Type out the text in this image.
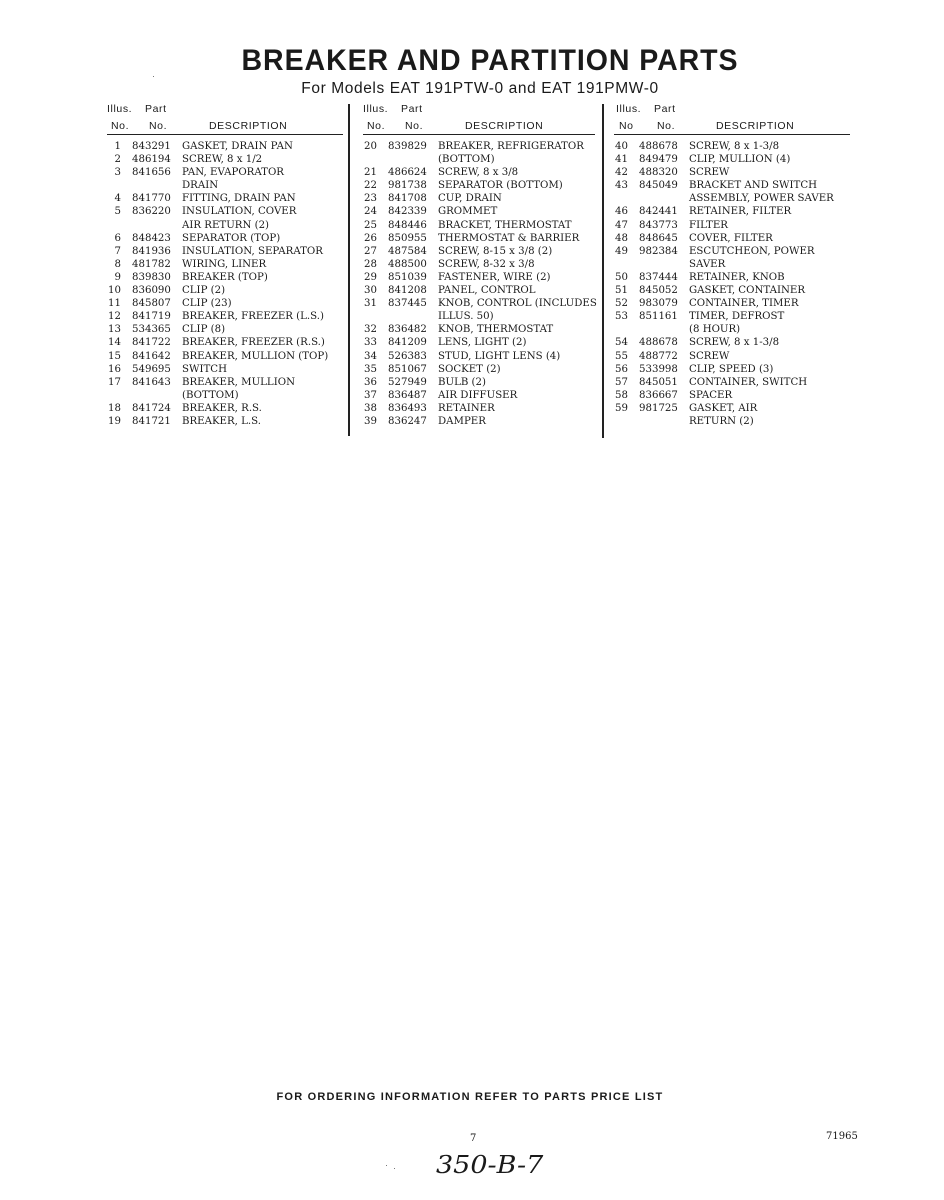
BREAKER AND PARTITION PARTS
For Models EAT 191PTW-0 and EAT 191PMW-0
Illus. Part
No. No.	DESCRIPTION
1 843291 GASKET, DRAIN PAN
2 486194 SCREW, 8 x 1/2
3 841656 PAN, EVAPORATOR
DRAIN
4 841770 FITTING, DRAIN PAN
5 836220 INSULATION, COVER
AIR RETURN (2)
6 848423 SEPARATOR (TOP)
7 841936 INSULATION, SEPARATOR
8 481782 WIRING, LINER
9 839830 BREAKER (TOP)
10 836090 CLIP (2)
11 845807 CLIP (23)
12 841719 BREAKER, FREEZER (L.S.)
13 534365 CLIP (8)
14 841722 BREAKER, FREEZER (R.S.)
15 841642 BREAKER, MULLION (TOP)
16 549695 SWITCH
17 841643 BREAKER, MULLION
(BOTTOM)
18 841724 BREAKER, R.S.
19 841721 BREAKER, L.S.
Illus. Part
No. No.	DESCRIPTION
20 839829 BREAKER, REFRIGERATOR
(BOTTOM)
21 486624 SCREW, 8 x 3/8
22 981738 SEPARATOR (BOTTOM)
23 841708 CUP, DRAIN
24 842339 GROMMET
25 848446 BRACKET, THERMOSTAT
26 850955 THERMOSTAT & BARRIER
27 487584 SCREW, 8-15 x 3/8 (2)
28 488500 SCREW, 8-32 x 3/8
29 851039 FASTENER, WIRE (2)
30 841208 PANEL, CONTROL
31 837445 KNOB, CONTROL (INCLUDES
ILLUS. 50)
32 836482 KNOB, THERMOSTAT
33 841209 LENS, LIGHT (2)
34 526383 STUD, LIGHT LENS (4)
35 851067 SOCKET (2)
36 527949 BULB (2)
37 836487 AIR DIFFUSER
38 836493 RETAINER
39 836247 DAMPER
Illus. Part
No No.	DESCRIPTION
40 488678 SCREW, 8 x 1-3/8
41 849479 CLIP, MULLION (4)
42 488320 SCREW
43 845049 BRACKET AND SWITCH
ASSEMBLY, POWER SAVER
46 842441 RETAINER, FILTER
47 843773 FILTER
48 848645 COVER, FILTER
49 982384 ESCUTCHEON, POWER
SAVER
50 837444 RETAINER, KNOB
51 845052 GASKET, CONTAINER
52 983079 CONTAINER, TIMER
53 851161 TIMER, DEFROST
(8 HOUR)
54 488678 SCREW, 8 x 1-3/8
55 488772 SCREW
56 533998 CLIP, SPEED (3)
57 845051 CONTAINER, SWITCH
58 836667 SPACER
59 981725 GASKET, AIR
RETURN (2)
FOR ORDERING INFORMATION REFER TO PARTS PRICE LIST
7	71965
350-B-7
